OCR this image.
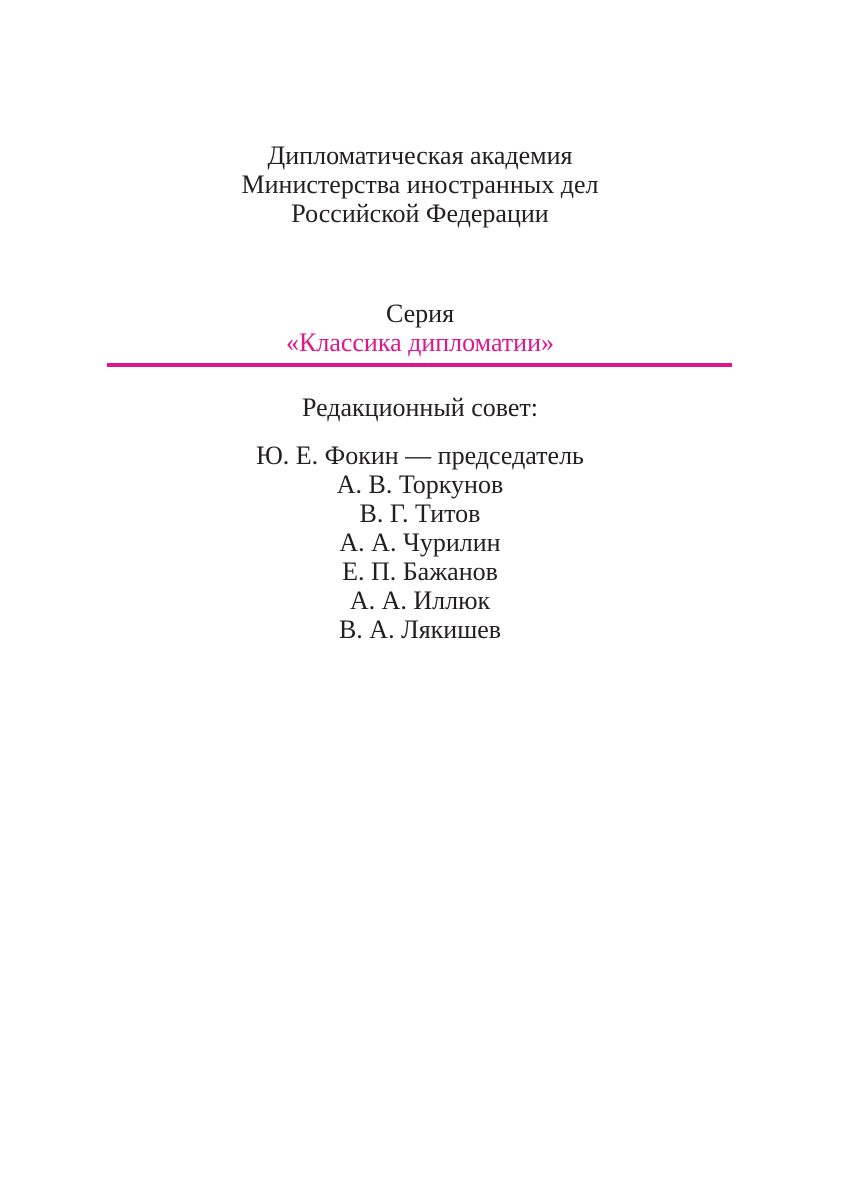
Дипломатическая академия
Министерства иностранных дел
Российской Федерации
Серия
«Классика дипломатии»
Редакционный совет:
Ю. Е. Фокин — председатель
А. В. Торкунов
В. Г. Титов
А. А. Чурилин
Е. П. Бажанов
А. А. Иллюк
В. А. Лякишев
